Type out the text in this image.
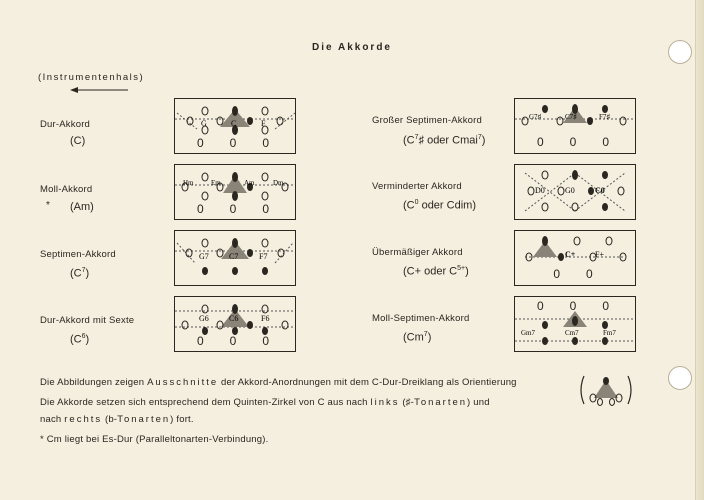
Die Akkorde
(Instrumentenhals)
Dur-Akkord
(C)
Moll-Akkord
* (Am)
Septimen-Akkord
$(C^7)$
Dur-Akkord mit Sexte
$(C^6)$
G	C	F
0   0   0
Hm	Em	Am	Dm
0   0   0
G7	C7	F7
G6	C6	F6
0   0   0
Großer Septimen-Akkord
($C^7♯$ oder Cmai$^7$)
Verminderter Akkord
($C^0$ oder Cdim)
Übermäßiger Akkord
(C+ oder $C^{5+}$)
Moll-Septimen-Akkord
(Cm$^7$)
G7♯	C7♯	F7♯
0   0   0
D0	G0	C0
C+ F+
0   0
Gm7	Cm7	Fm7
0   0   0
Die Abbildungen zeigen Ausschnitte der Akkord-Anordnungen mit dem C-Dur-Dreiklang als Orientierung
Die Akkorde setzen sich entsprechend dem Quinten-Zirkel von C aus nach links (♯-Tonarten) und
nach rechts (b-Tonarten) fort.
* Cm liegt bei Es-Dur (Paralleltonarten-Verbindung).
